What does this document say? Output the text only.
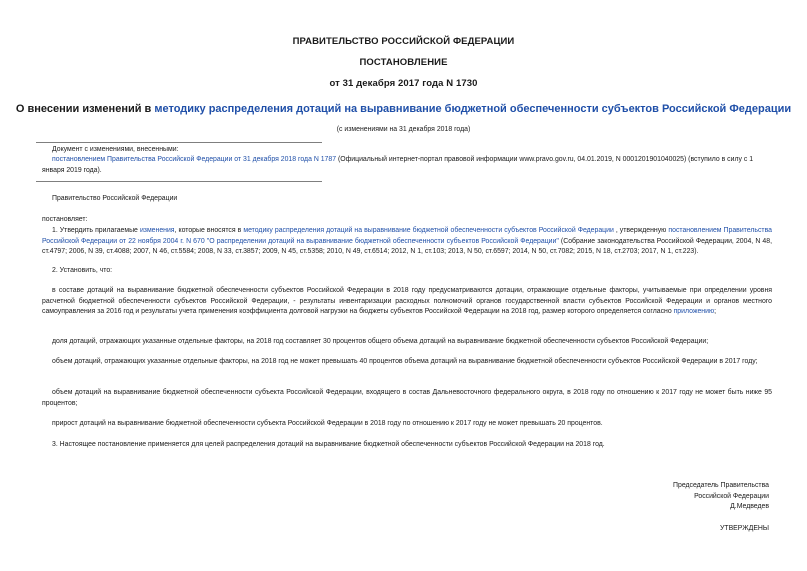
ПРАВИТЕЛЬСТВО РОССИЙСКОЙ ФЕДЕРАЦИИ
ПОСТАНОВЛЕНИЕ
от 31 декабря 2017 года N 1730
О внесении изменений в методику распределения дотаций на выравнивание бюджетной обеспеченности субъектов Российской Федерации
(с изменениями на 31 декабря 2018 года)
Документ с изменениями, внесенными:
постановлением Правительства Российской Федерации от 31 декабря 2018 года N 1787 (Официальный интернет-портал правовой информации www.pravo.gov.ru, 04.01.2019, N 0001201901040025) (вступило в силу с 1 января 2019 года).
Правительство Российской Федерации
постановляет:
1. Утвердить прилагаемые изменения, которые вносятся в методику распределения дотаций на выравнивание бюджетной обеспеченности субъектов Российской Федерации , утвержденную постановлением Правительства Российской Федерации от 22 ноября 2004 г. N 670 "О распределении дотаций на выравнивание бюджетной обеспеченности субъектов Российской Федерации" (Собрание законодательства Российской Федерации, 2004, N 48, ст.4797; 2006, N 39, ст.4088; 2007, N 46, ст.5584; 2008, N 33, ст.3857; 2009, N 45, ст.5358; 2010, N 49, ст.6514; 2012, N 1, ст.103; 2013, N 50, ст.6597; 2014, N 50, ст.7082; 2015, N 18, ст.2703; 2017, N 1, ст.223).
2. Установить, что:
в составе дотаций на выравнивание бюджетной обеспеченности субъектов Российской Федерации в 2018 году предусматриваются дотации, отражающие отдельные факторы, учитываемые при определении уровня расчетной бюджетной обеспеченности субъектов Российской Федерации, - результаты инвентаризации расходных полномочий органов государственной власти субъектов Российской Федерации и органов местного самоуправления за 2016 год и результаты учета применения коэффициента долговой нагрузки на бюджеты субъектов Российской Федерации на 2018 год, размер которого определяется согласно приложению;
доля дотаций, отражающих указанные отдельные факторы, на 2018 год составляет 30 процентов общего объема дотаций на выравнивание бюджетной обеспеченности субъектов Российской Федерации;
объем дотаций, отражающих указанные отдельные факторы, на 2018 год не может превышать 40 процентов объема дотаций на выравнивание бюджетной обеспеченности субъектов Российской Федерации в 2017 году;
объем дотаций на выравнивание бюджетной обеспеченности субъекта Российской Федерации, входящего в состав Дальневосточного федерального округа, в 2018 году по отношению к 2017 году не может быть ниже 95 процентов;
прирост дотаций на выравнивание бюджетной обеспеченности субъекта Российской Федерации в 2018 году по отношению к 2017 году не может превышать 20 процентов.
3. Настоящее постановление применяется для целей распределения дотаций на выравнивание бюджетной обеспеченности субъектов Российской Федерации на 2018 год.
Председатель Правительства
Российской Федерации
Д.Медведев
УТВЕРЖДЕНЫ
